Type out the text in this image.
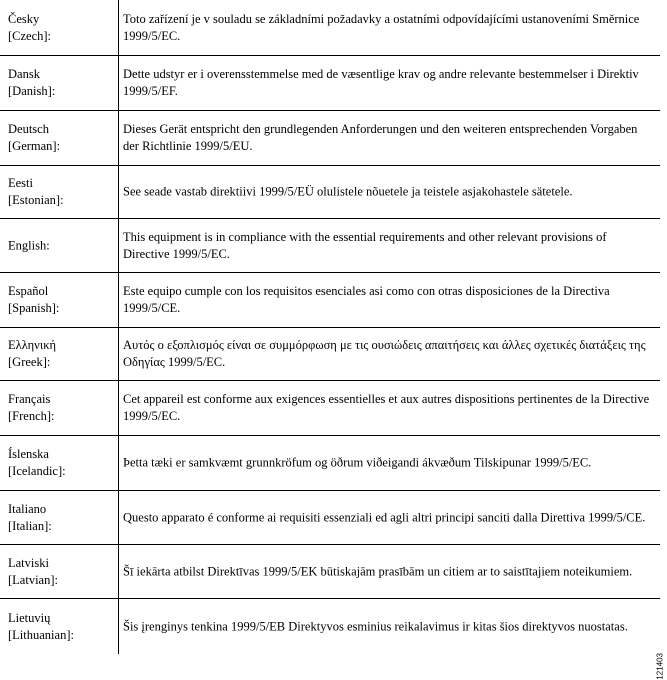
Česky
[Czech]:
Toto zařízení je v souladu se základními požadavky a ostatními odpovídajícími ustanoveními Směrnice 1999/5/EC.
Dansk
[Danish]:
Dette udstyr er i overensstemmelse med de væsentlige krav og andre relevante bestemmelser i Direktiv 1999/5/EF.
Deutsch
[German]:
Dieses Gerät entspricht den grundlegenden Anforderungen und den weiteren entsprechenden Vorgaben der Richtlinie 1999/5/EU.
Eesti
[Estonian]:
See seade vastab direktiivi 1999/5/EÜ olulistele nõuetele ja teistele asjakohastele sätetele.
English:
This equipment is in compliance with the essential requirements and other relevant provisions of Directive 1999/5/EC.
Español
[Spanish]:
Este equipo cumple con los requisitos esenciales asi como con otras disposiciones de la Directiva 1999/5/CE.
Ελληνική
[Greek]:
Αυτός ο εξοπλισμός είναι σε συμμόρφωση με τις ουσιώδεις απαιτήσεις και άλλες σχετικές διατάξεις της Οδηγίας 1999/5/EC.
Français
[French]:
Cet appareil est conforme aux exigences essentielles et aux autres dispositions pertinentes de la Directive 1999/5/EC.
Íslenska
[Icelandic]:
Þetta tæki er samkvæmt grunnkröfum og öðrum viðeigandi ákvæðum Tilskipunar 1999/5/EC.
Italiano
[Italian]:
Questo apparato é conforme ai requisiti essenziali ed agli altri principi sanciti dalla Direttiva 1999/5/CE.
Latviski
[Latvian]:
Šī iekārta atbilst Direktīvas 1999/5/EK būtiskajām prasībām un citiem ar to saistītajiem noteikumiem.
Lietuvių
[Lithuanian]:
Šis įrenginys tenkina 1999/5/EB Direktyvos esminius reikalavimus ir kitas šios direktyvos nuostatas.
121403
